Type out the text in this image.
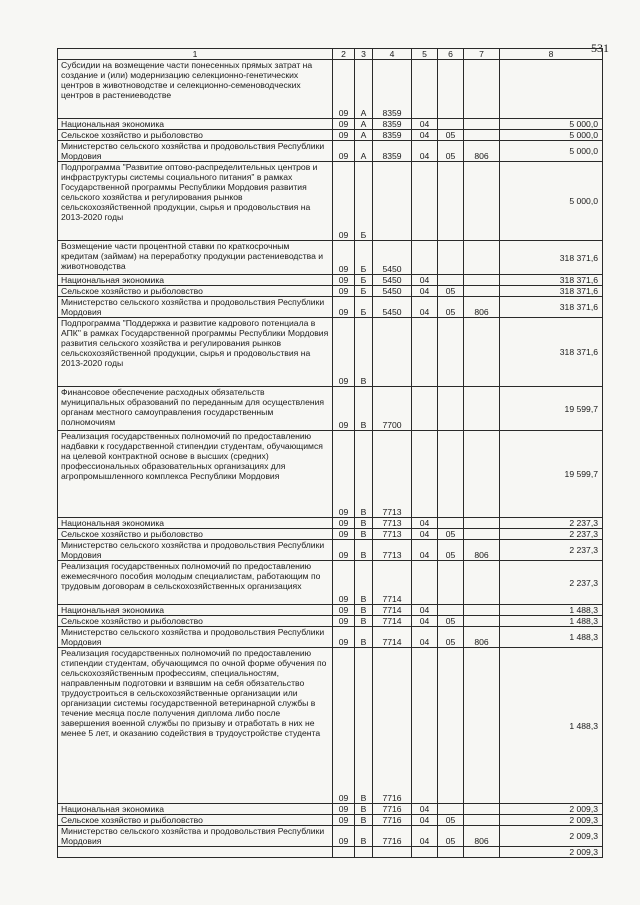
531
1	2	3	4	5	6	7	8
Субсидии на возмещение части понесенных прямых затрат на создание и (или) модернизацию селекционно-генетических центров в животноводстве и селекционно-семеноводческих центров в растениеводстве	09	А	8359				
Национальная экономика	09	А	8359	04			5 000,0
Сельское хозяйство и рыболовство	09	А	8359	04	05		5 000,0
Министерство сельского хозяйства и продовольствия Республики Мордовия	09	А	8359	04	05	806	5 000,0
Подпрограмма "Развитие оптово-распределительных центров и инфраструктуры системы социального питания" в рамках Государственной программы Республики Мордовия развития сельского хозяйства и регулирования рынков сельскохозяйственной продукции, сырья и продовольствия на 2013-2020 годы	09	Б					5 000,0
Возмещение части процентной ставки по краткосрочным кредитам (займам) на переработку продукции растениеводства и животноводства	09	Б	5450				318 371,6
Национальная экономика	09	Б	5450	04			318 371,6
Сельское хозяйство и рыболовство	09	Б	5450	04	05		318 371,6
Министерство сельского хозяйства и продовольствия Республики Мордовия	09	Б	5450	04	05	806	318 371,6
Подпрограмма "Поддержка и развитие кадрового потенциала в АПК" в рамках Государственной программы Республики Мордовия развития сельского хозяйства и регулирования рынков сельскохозяйственной продукции, сырья и продовольствия на 2013-2020 годы	09	В					318 371,6
Финансовое обеспечение расходных обязательств муниципальных образований по переданным для осуществления органам местного самоуправления государственным полномочиям	09	В	7700				19 599,7
Реализация государственных полномочий по предоставлению надбавки к государственной стипендии студентам, обучающимся на целевой контрактной основе в высших (средних) профессиональных образовательных организациях для агропромышленного комплекса Республики Мордовия	09	В	7713				19 599,7
Национальная экономика	09	В	7713	04			2 237,3
Сельское хозяйство и рыболовство	09	В	7713	04	05		2 237,3
Министерство сельского хозяйства и продовольствия Республики Мордовия	09	В	7713	04	05	806	2 237,3
Реализация государственных полномочий по предоставлению ежемесячного пособия молодым специалистам, работающим по трудовым договорам в сельскохозяйственных организациях	09	В	7714				2 237,3
Национальная экономика	09	В	7714	04			1 488,3
Сельское хозяйство и рыболовство	09	В	7714	04	05		1 488,3
Министерство сельского хозяйства и продовольствия Республики Мордовия	09	В	7714	04	05	806	1 488,3
Реализация государственных полномочий по предоставлению стипендии студентам, обучающимся по очной форме обучения по сельскохозяйственным профессиям, специальностям, направленным подготовки и взявшим на себя обязательство трудоустроиться в сельскохозяйственные организации или организации системы государственной ветеринарной службы в течение месяца после получения диплома либо после завершения военной службы по призыву и отработать в них не менее 5 лет, и оказанию содействия в трудоустройстве студента	09	В	7716				1 488,3
Национальная экономика	09	В	7716	04			2 009,3
Сельское хозяйство и рыболовство	09	В	7716	04	05		2 009,3
Министерство сельского хозяйства и продовольствия Республики Мордовия	09	В	7716	04	05	806	2 009,3
							2 009,3
